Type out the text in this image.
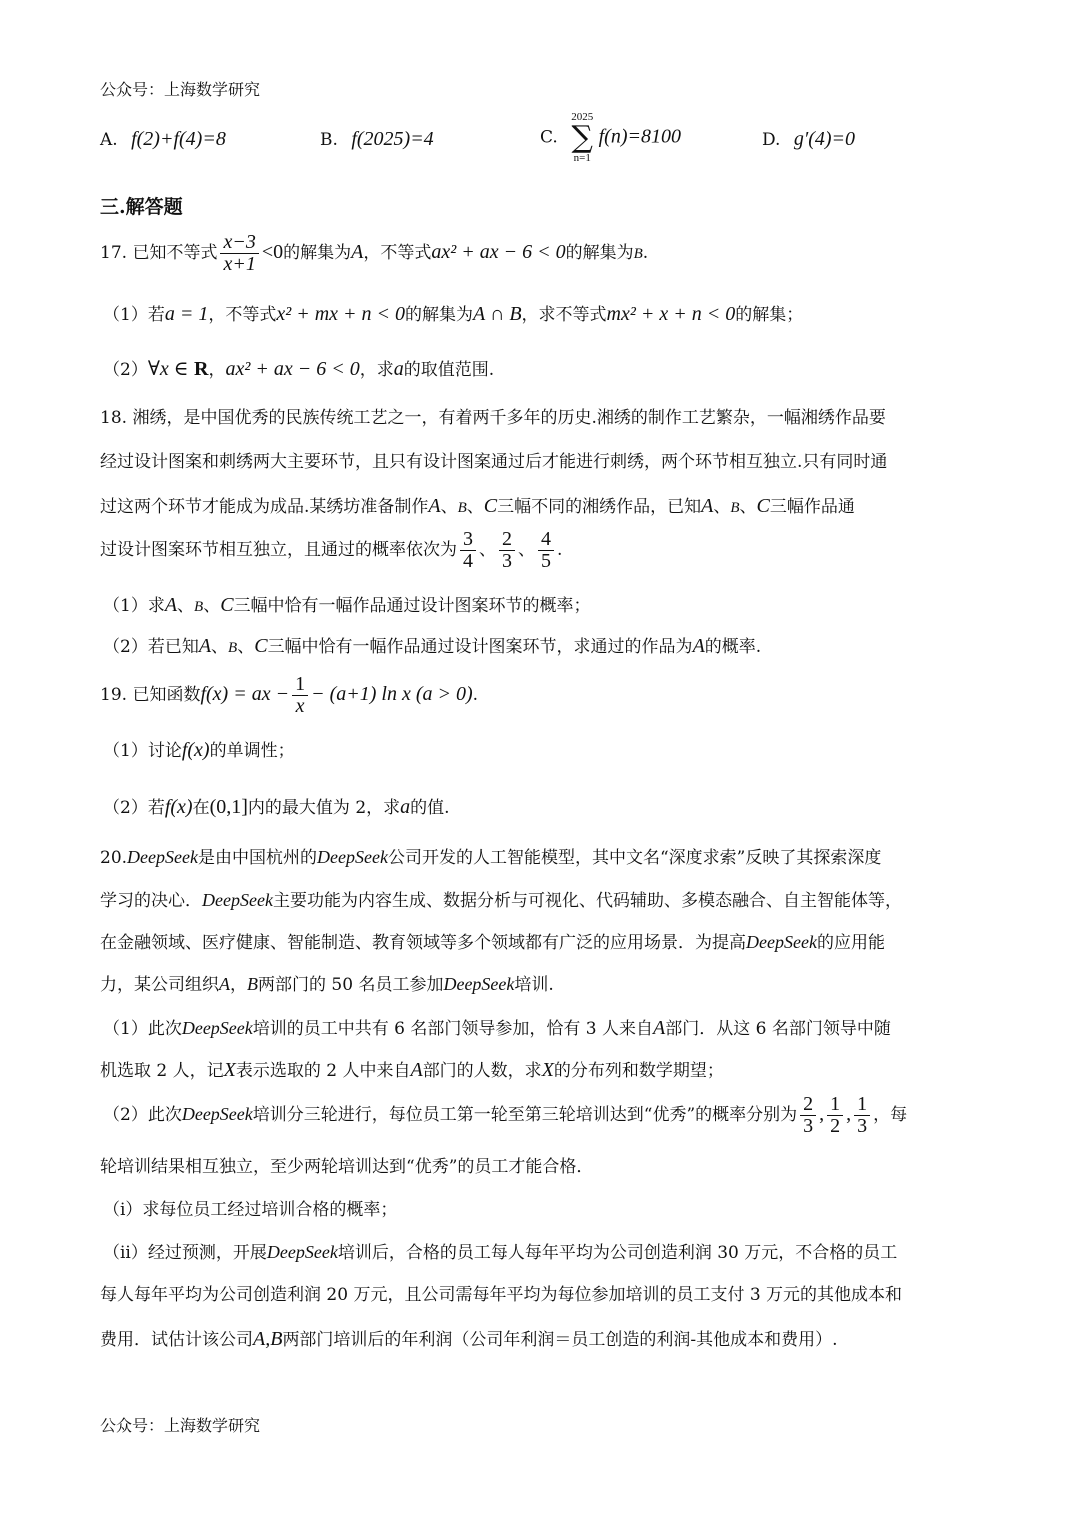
公众号：上海数学研究
A. f(2)+f(4)=8	B. f(2025)=4	C.
2025
∑
n=1
f(n)=8100	D. g′(4)=0
三.解答题
17. 已知不等式 $\frac{x-3}{x+1} <0$的解集为A，不等式ax² + ax − 6 < 0的解集为B.
（1）若a = 1，不等式x² + mx + n < 0的解集为A ∩ B，求不等式mx² + x + n < 0的解集；
（2）∀x ∈ R，ax² + ax − 6 < 0，求a的取值范围.
18. 湘绣，是中国优秀的民族传统工艺之一，有着两千多年的历史.湘绣的制作工艺繁杂，一幅湘绣作品要
经过设计图案和刺绣两大主要环节，且只有设计图案通过后才能进行刺绣，两个环节相互独立.只有同时通
过这两个环节才能成为成品.某绣坊准备制作A、B、C三幅不同的湘绣作品，已知A、B、C三幅作品通
过设计图案环节相互独立，且通过的概率依次为 $\frac{3}{4}$ 、 $\frac{2}{3}$ 、 $\frac{4}{5}$ .
（1）求A、B、C三幅中恰有一幅作品通过设计图案环节的概率；
（2）若已知A、B、C三幅中恰有一幅作品通过设计图案环节，求通过的作品为A的概率.
19. 已知函数f(x) = ax − $\frac{1}{x} - (a+1)$ ln x (a > 0).
（1）讨论f(x)的单调性；
（2）若f(x)在(0,1]内的最大值为 2，求a的值.
20.DeepSeek是由中国杭州的DeepSeek公司开发的人工智能模型，其中文名“深度求索”反映了其探索深度
学习的决心．DeepSeek主要功能为内容生成、数据分析与可视化、代码辅助、多模态融合、自主智能体等，
在金融领域、医疗健康、智能制造、教育领域等多个领域都有广泛的应用场景．为提高DeepSeek的应用能
力，某公司组织A，B两部门的 50 名员工参加DeepSeek培训.
（1）此次DeepSeek培训的员工中共有 6 名部门领导参加，恰有 3 人来自A部门．从这 6 名部门领导中随
机选取 2 人，记X表示选取的 2 人中来自A部门的人数，求X的分布列和数学期望；
（2）此次DeepSeek培训分三轮进行，每位员工第一轮至第三轮培训达到“优秀”的概率分别为 $\frac{2}{3}$ , $\frac{1}{2}$ , $\frac{1}{3}$ ，每
轮培训结果相互独立，至少两轮培训达到“优秀”的员工才能合格．
（i）求每位员工经过培训合格的概率；
（ii）经过预测，开展DeepSeek培训后，合格的员工每人每年平均为公司创造利润 30 万元，不合格的员工
每人每年平均为公司创造利润 20 万元，且公司需每年平均为每位参加培训的员工支付 3 万元的其他成本和
费用．试估计该公司A,B两部门培训后的年利润（公司年利润＝员工创造的利润-其他成本和费用）.
公众号：上海数学研究
